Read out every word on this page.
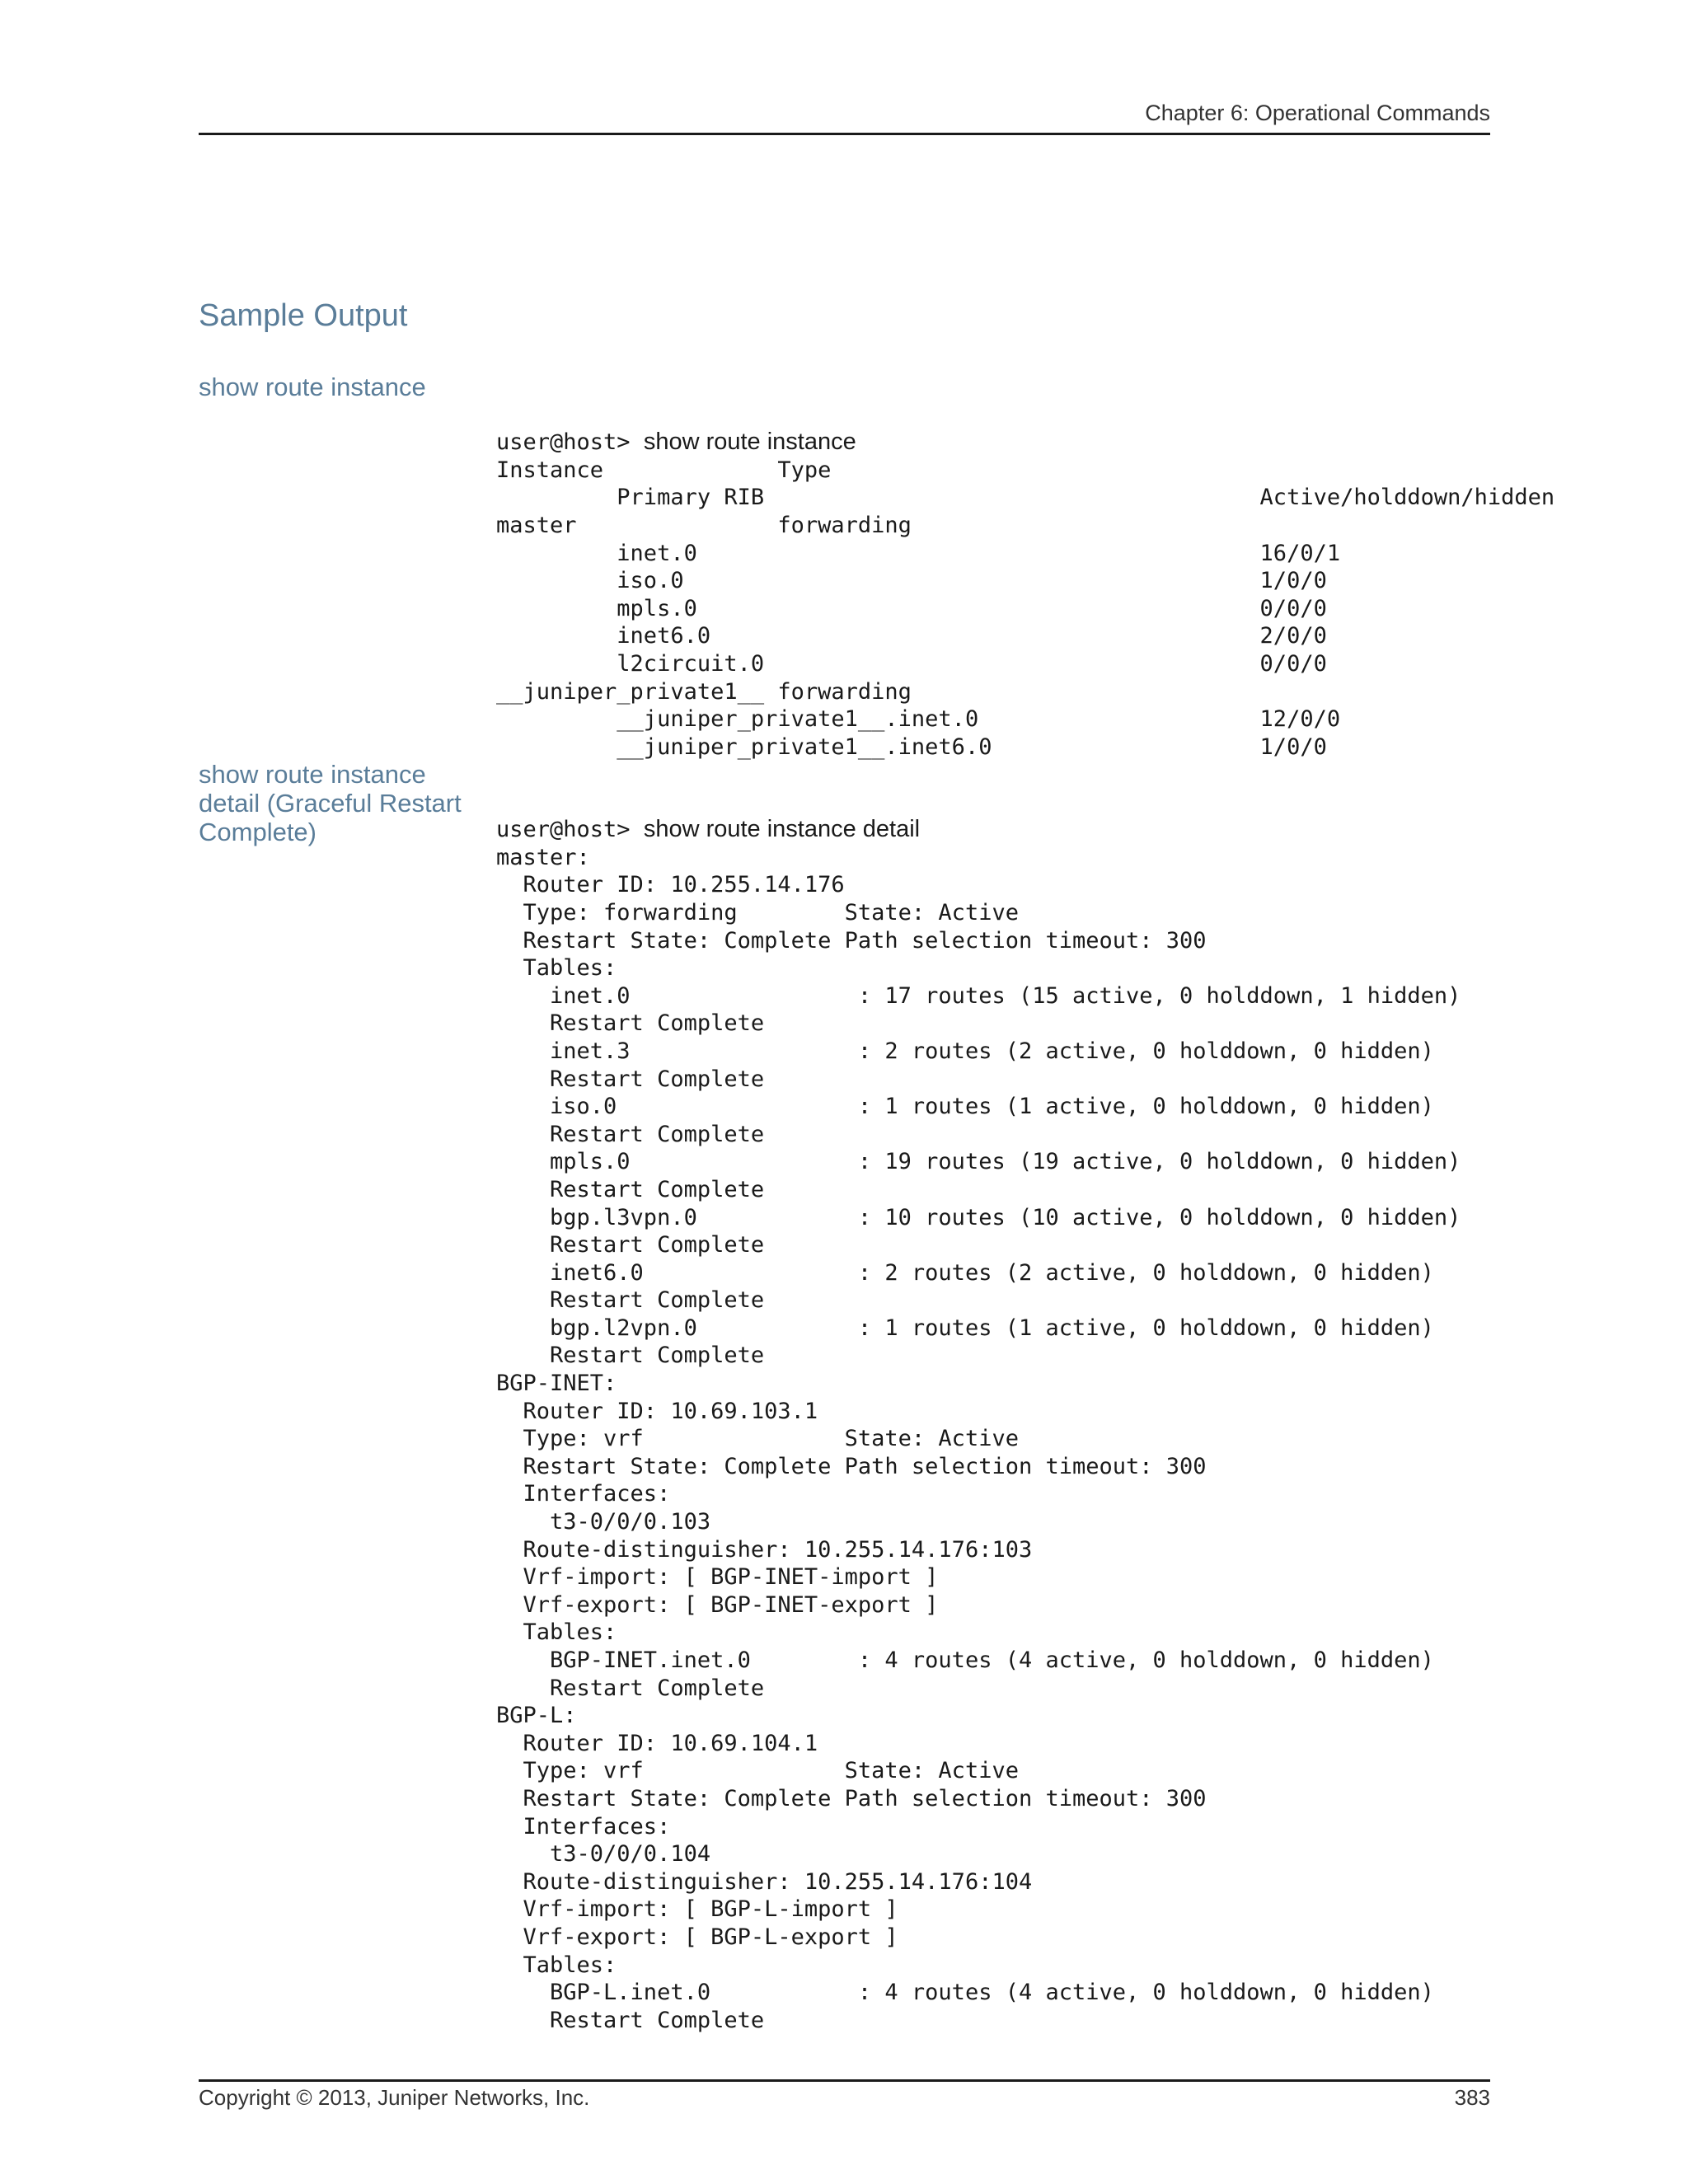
Chapter 6: Operational Commands
Sample Output
show route instance

user@host> show route instance
Instance             Type
Primary RIB                                     Active/holddown/hidden
master               forwarding
inet.0                                          16/0/1
iso.0                                           1/0/0
mpls.0                                          0/0/0
inet6.0                                         2/0/0
l2circuit.0                                     0/0/0
__juniper_private1__ forwarding
__juniper_private1__.inet.0                     12/0/0
__juniper_private1__.inet6.0                    1/0/0

show route instance detail (Graceful Restart Complete)

	user@host> show route instance detail
master:
Router ID: 10.255.14.176
Type: forwarding        State: Active
Restart State: Complete Path selection timeout: 300
Tables:
inet.0                 : 17 routes (15 active, 0 holddown, 1 hidden)
Restart Complete
inet.3                 : 2 routes (2 active, 0 holddown, 0 hidden)
Restart Complete
iso.0                  : 1 routes (1 active, 0 holddown, 0 hidden)
Restart Complete
mpls.0                 : 19 routes (19 active, 0 holddown, 0 hidden)
Restart Complete
bgp.l3vpn.0            : 10 routes (10 active, 0 holddown, 0 hidden)
Restart Complete
inet6.0                : 2 routes (2 active, 0 holddown, 0 hidden)
Restart Complete
bgp.l2vpn.0            : 1 routes (1 active, 0 holddown, 0 hidden)
Restart Complete
BGP-INET:
Router ID: 10.69.103.1
Type: vrf               State: Active
Restart State: Complete Path selection timeout: 300
Interfaces:
t3-0/0/0.103
Route-distinguisher: 10.255.14.176:103
Vrf-import: [ BGP-INET-import ]
Vrf-export: [ BGP-INET-export ]
Tables:
BGP-INET.inet.0        : 4 routes (4 active, 0 holddown, 0 hidden)
Restart Complete
BGP-L:
Router ID: 10.69.104.1
Type: vrf               State: Active
Restart State: Complete Path selection timeout: 300
Interfaces:
t3-0/0/0.104
Route-distinguisher: 10.255.14.176:104
Vrf-import: [ BGP-L-import ]
Vrf-export: [ BGP-L-export ]
Tables:
BGP-L.inet.0           : 4 routes (4 active, 0 holddown, 0 hidden)
Restart Complete

Copyright © 2013, Juniper Networks, Inc.	383
